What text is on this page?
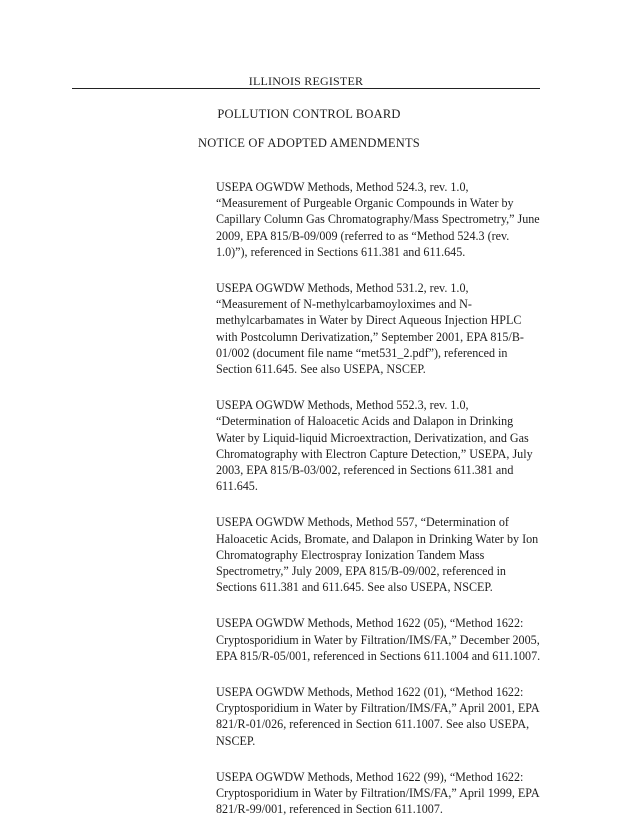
ILLINOIS REGISTER
POLLUTION CONTROL BOARD
NOTICE OF ADOPTED AMENDMENTS
USEPA OGWDW Methods, Method 524.3, rev. 1.0,
“Measurement of Purgeable Organic Compounds in Water by
Capillary Column Gas Chromatography/Mass Spectrometry,” June
2009, EPA 815/B-09/009 (referred to as “Method 524.3 (rev.
1.0)”), referenced in Sections 611.381 and 611.645.
USEPA OGWDW Methods, Method 531.2, rev. 1.0,
“Measurement of N-methylcarbamoyloximes and N-
methylcarbamates in Water by Direct Aqueous Injection HPLC
with Postcolumn Derivatization,” September 2001, EPA 815/B-
01/002 (document file name “met531_2.pdf”), referenced in
Section 611.645. See also USEPA, NSCEP.
USEPA OGWDW Methods, Method 552.3, rev. 1.0,
“Determination of Haloacetic Acids and Dalapon in Drinking
Water by Liquid-liquid Microextraction, Derivatization, and Gas
Chromatography with Electron Capture Detection,” USEPA, July
2003, EPA 815/B-03/002, referenced in Sections 611.381 and
611.645.
USEPA OGWDW Methods, Method 557, “Determination of
Haloacetic Acids, Bromate, and Dalapon in Drinking Water by Ion
Chromatography Electrospray Ionization Tandem Mass
Spectrometry,” July 2009, EPA 815/B-09/002, referenced in
Sections 611.381 and 611.645. See also USEPA, NSCEP.
USEPA OGWDW Methods, Method 1622 (05), “Method 1622:
Cryptosporidium in Water by Filtration/IMS/FA,” December 2005,
EPA 815/R-05/001, referenced in Sections 611.1004 and 611.1007.
USEPA OGWDW Methods, Method 1622 (01), “Method 1622:
Cryptosporidium in Water by Filtration/IMS/FA,” April 2001, EPA
821/R-01/026, referenced in Section 611.1007. See also USEPA,
NSCEP.
USEPA OGWDW Methods, Method 1622 (99), “Method 1622:
Cryptosporidium in Water by Filtration/IMS/FA,” April 1999, EPA
821/R-99/001, referenced in Section 611.1007.
